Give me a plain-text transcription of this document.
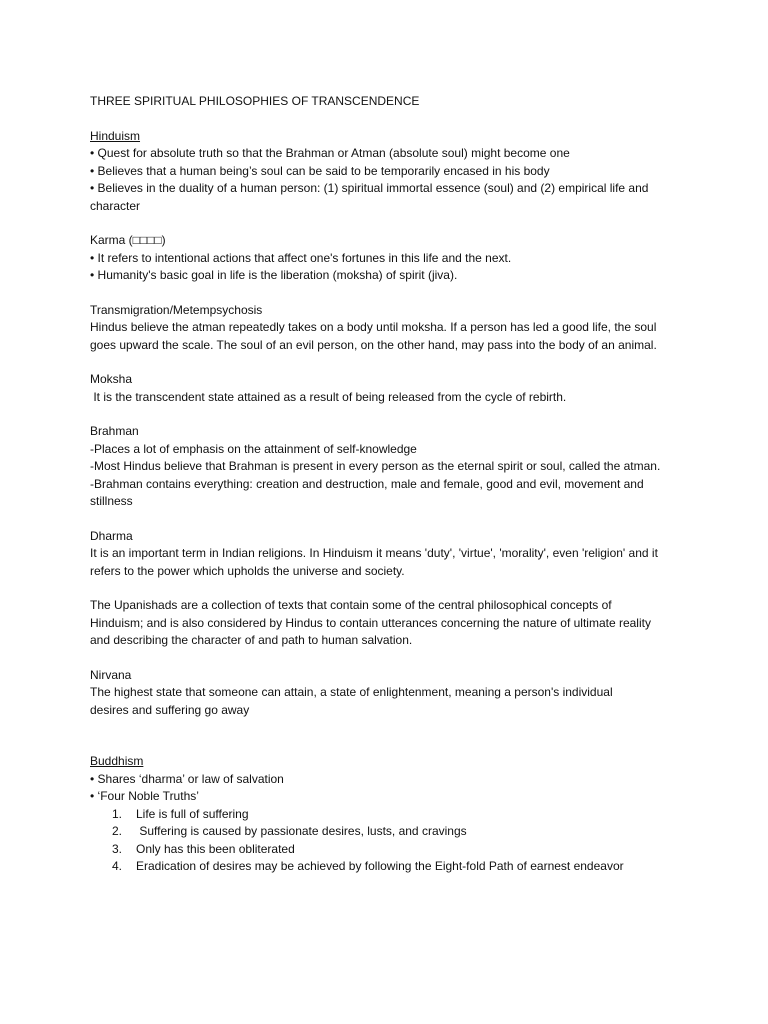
THREE SPIRITUAL PHILOSOPHIES OF TRANSCENDENCE
Hinduism
• Quest for absolute truth so that the Brahman or Atman (absolute soul) might become one
• Believes that a human being’s soul can be said to be temporarily encased in his body
• Believes in the duality of a human person: (1) spiritual immortal essence (soul) and (2) empirical life and character
Karma (□□□□)
• It refers to intentional actions that affect one's fortunes in this life and the next.
• Humanity's basic goal in life is the liberation (moksha) of spirit (jiva).
Transmigration/Metempsychosis
Hindus believe the atman repeatedly takes on a body until moksha. If a person has led a good life, the soul goes upward the scale. The soul of an evil person, on the other hand, may pass into the body of an animal.
Moksha
It is the transcendent state attained as a result of being released from the cycle of rebirth.
Brahman
-Places a lot of emphasis on the attainment of self-knowledge
-Most Hindus believe that Brahman is present in every person as the eternal spirit or soul, called the atman.
-Brahman contains everything: creation and destruction, male and female, good and evil, movement and stillness
Dharma
It is an important term in Indian religions. In Hinduism it means 'duty', 'virtue', 'morality', even 'religion' and it refers to the power which upholds the universe and society.
The Upanishads are a collection of texts that contain some of the central philosophical concepts of Hinduism; and is also considered by Hindus to contain utterances concerning the nature of ultimate reality and describing the character of and path to human salvation.
Nirvana
The highest state that someone can attain, a state of enlightenment, meaning a person's individual desires and suffering go away
Buddhism
• Shares ‘dharma’ or law of salvation
• ‘Four Noble Truths’
1.	Life is full of suffering
2.	Suffering is caused by passionate desires, lusts, and cravings
3.	Only has this been obliterated
4.	Eradication of desires may be achieved by following the Eight-fold Path of earnest endeavor
